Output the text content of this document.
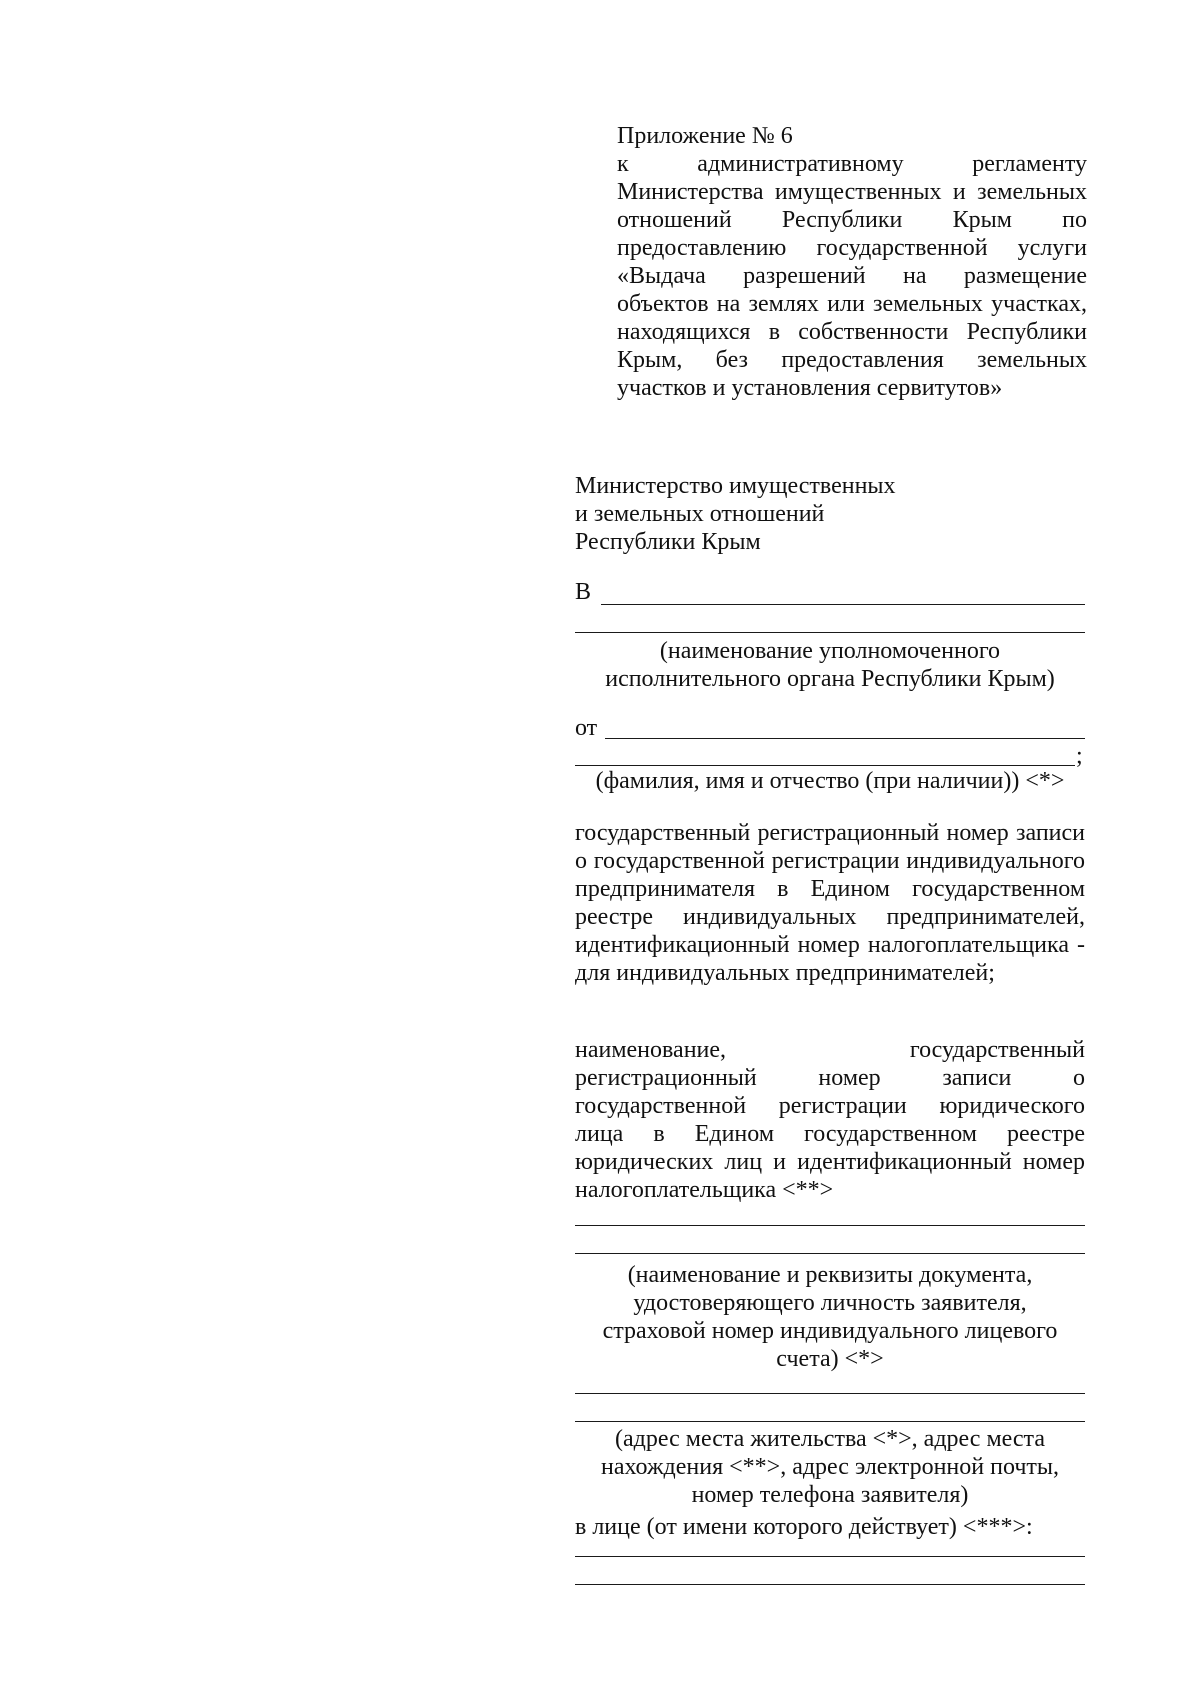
Приложение № 6

к административному регламенту Министерства имущественных и земельных отношений Республики Крым по предоставлению государственной услуги «Выдача разрешений на размещение объектов на землях или земельных участках, находящихся в собственности Республики Крым, без предоставления земельных участков и установления сервитутов»

Министерство имущественных
и земельных отношений
Республики Крым
В

(наименование уполномоченного исполнительного органа Республики Крым)

от
;

(фамилия, имя и отчество (при наличии)) <*>

государственный регистрационный номер записи о государственной регистрации индивидуального предпринимателя в Едином государственном реестре индивидуальных предпринимателей, идентификационный номер налогоплательщика - для индивидуальных предпринимателей;

наименование, государственный регистрационный номер записи о государственной регистрации юридического лица в Едином государственном реестре юридических лиц и идентификационный номер налогоплательщика <**>

(наименование и реквизиты документа, удостоверяющего личность заявителя, страховой номер индивидуального лицевого счета) <*>

(адрес места жительства <*>, адрес места нахождения <**>, адрес электронной почты, номер телефона заявителя)

в лице (от имени которого действует) <***>:
